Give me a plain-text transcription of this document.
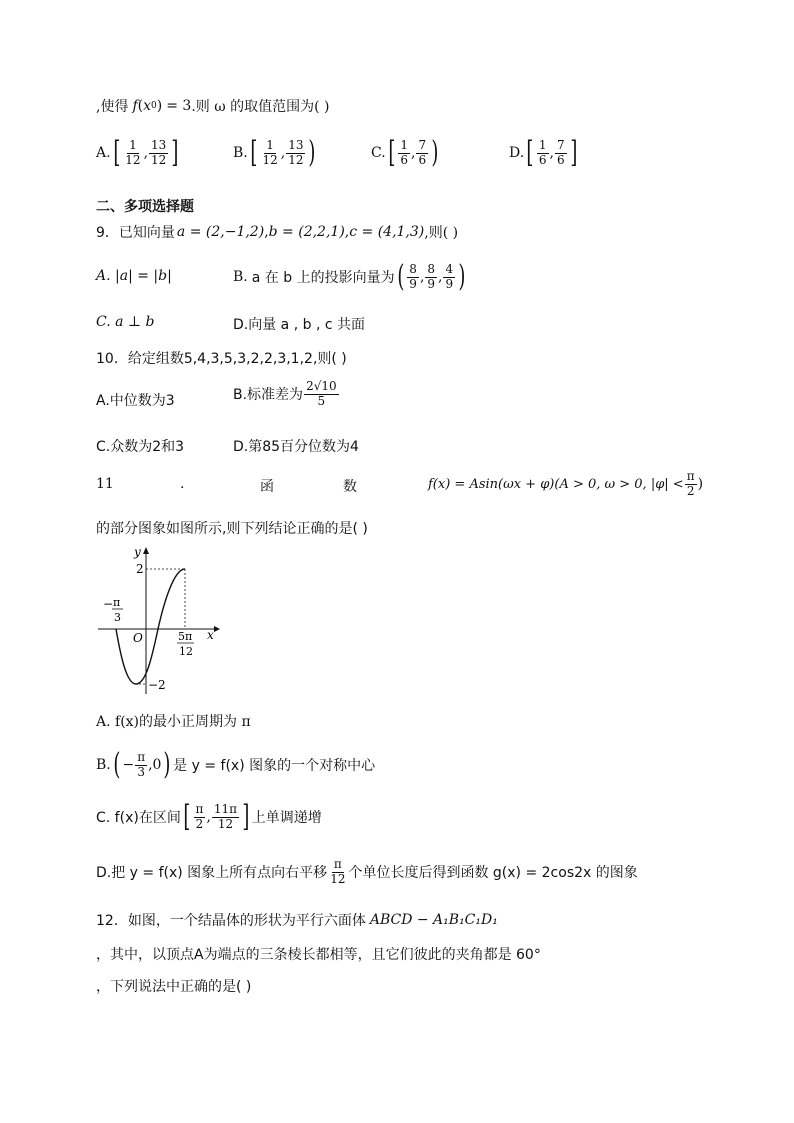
,使得 f ( x 0 ) = 3 .则 ω 的取值范围为( )
A. [ $\frac{1}{12}$ , $\frac{13}{12}$ ]	B. [ $\frac{1}{12}$ , $\frac{13}{12}$ )	C. [ $\frac{1}{6}$ , $\frac{7}{6}$ )	D. [ $\frac{1}{6}$ , $\frac{7}{6}$ ]
二、多项选择题
9．已知向量 a = (2,−1,2) , b = (2,2,1) , c = (4,1,3) ,则( )
A. |a| = |b|	B. a 在 b 上的投影向量为 ( $\frac{8}{9}$ , $\frac{8}{9}$ , $\frac{4}{9}$ )
C. a ⊥ b	D.向量 a , b , c 共面
10．给定组数5,4,3,5,3,2,2,3,1,2,则( )
A.中位数为3	B.标准差为 $\frac{2√10}{5}$
C.众数为2和3	D.第85百分位数为4
11	.	函	数	f(x) = Asin(ωx + φ)(A > 0, ω > 0, $|\varphi| < \frac{\pi}{2}$ )
的部分图象如图所示,则下列结论正确的是( )
y
x
O
2
−2
− π
3
5π
12
A. f(x)的最小正周期为 π
B. ( − $\frac{\pi}{3} ,0$ ) 是 y = f(x) 图象的一个对称中心
C. f(x)在区间 [ $\frac{\pi}{2}$ , $\frac{11\pi}{12}$ ] 上单调递增
D.把 y = f(x) 图象上所有点向右平移 $\frac{\pi}{12}$ 个单位长度后得到函数 g(x) = 2cos2x 的图象
12．如图，一个结晶体的形状为平行六面体 ABCD − A₁B₁C₁D₁
，其中，以顶点A为端点的三条棱长都相等，且它们彼此的夹角都是 60°
，下列说法中正确的是( )
